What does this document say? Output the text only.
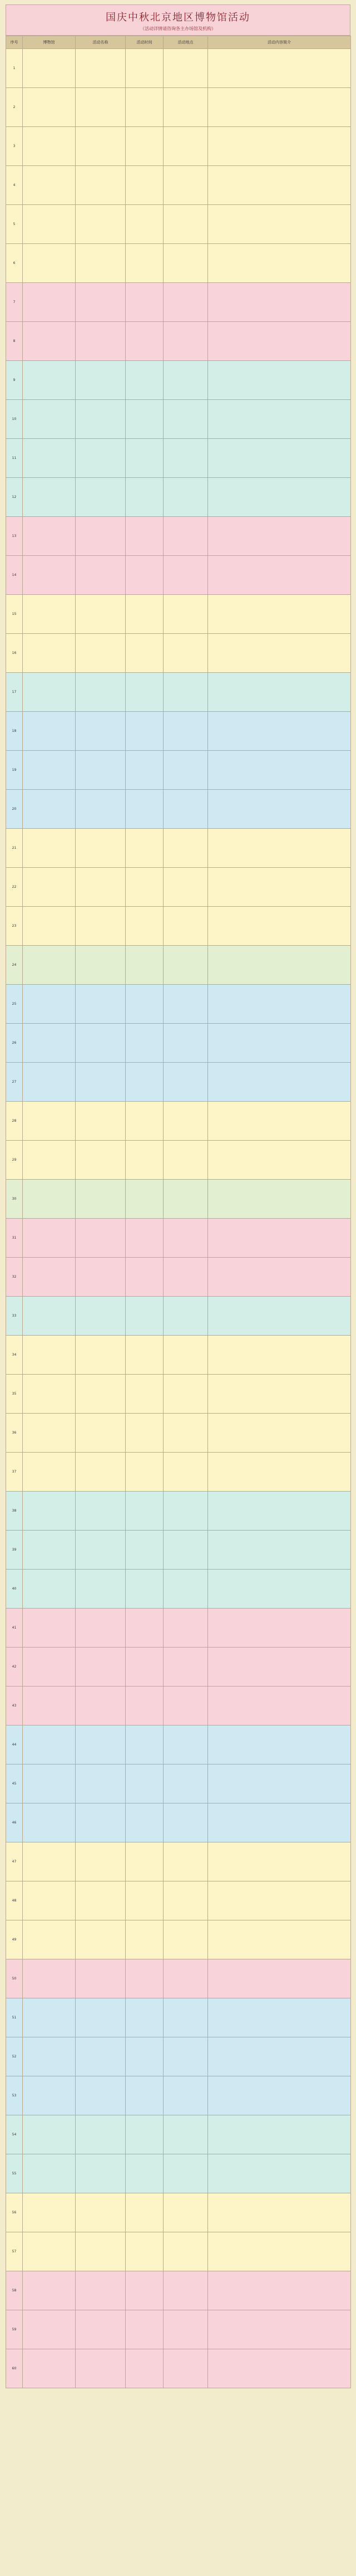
国庆中秋北京地区博物馆活动
（活动详情请咨询各主办场馆及机构）
序号	博物馆	活动名称	活动时间	活动地点	活动内容简介
1					
2					
3					
4					
5					
6					
7					
8					
9					
10					
11					
12					
13					
14					
15					
16					
17					
18					
19					
20					
21					
22					
23					
24					
25					
26					
27					
28					
29					
30					
31					
32					
33					
34					
35					
36					
37					
38					
39					
40					
41					
42					
43					
44					
45					
46					
47					
48					
49					
50					
51					
52					
53					
54					
55					
56					
57					
58					
59					
60					
